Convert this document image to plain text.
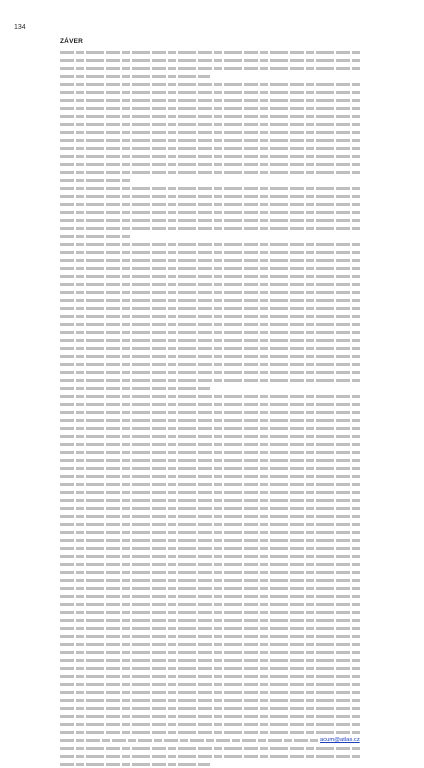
134
ZÁVER
acum@atlas.cz
